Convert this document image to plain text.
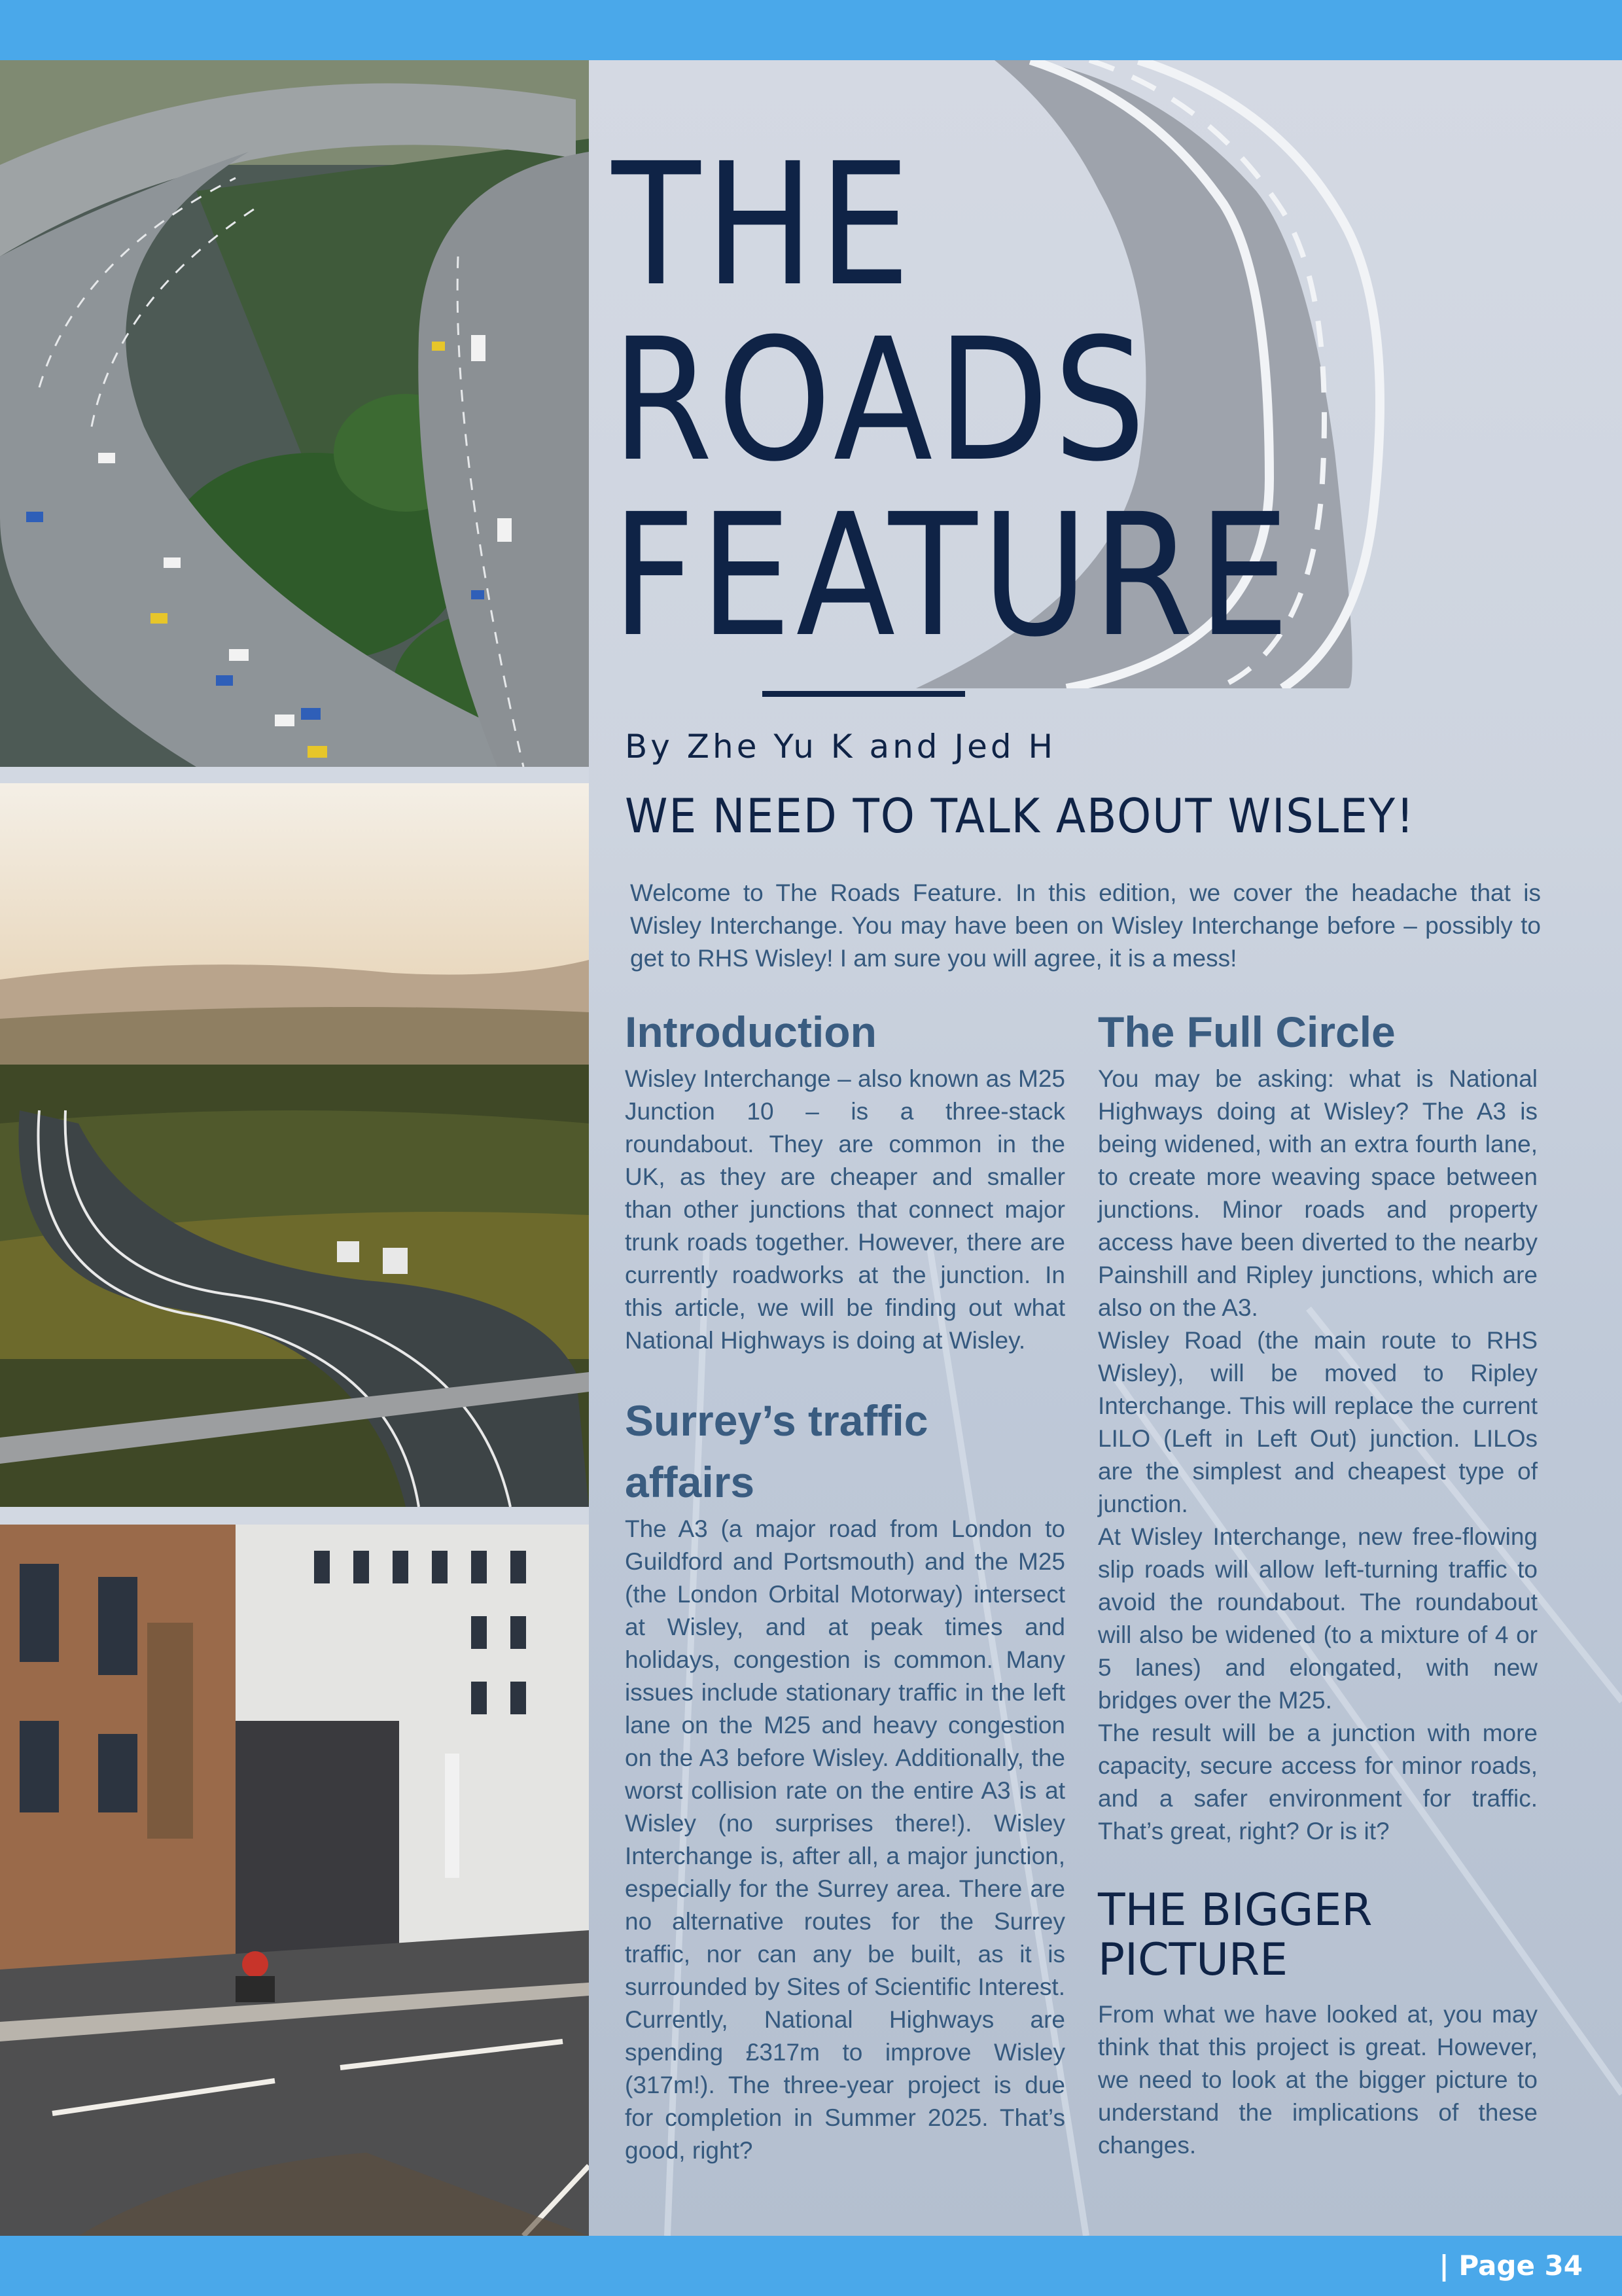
THE
ROADS
FEATURE
By Zhe Yu K and Jed H
WE NEED TO TALK ABOUT WISLEY!
Welcome to The Roads Feature. In this edition, we cover the headache that is Wisley Interchange. You may have been on Wisley Interchange before – possibly to get to RHS Wisley! I am sure you will agree, it is a mess!
Introduction

Wisley Interchange – also known as M25 Junction 10 – is a three-stack roundabout. They are common in the UK, as they are cheaper and smaller than other junctions that connect major trunk roads together. However, there are currently roadworks at the junction. In this article, we will be finding out what National Highways is doing at Wisley.

Surrey’s traffic affairs

The A3 (a major road from London to Guildford and Portsmouth) and the M25 (the London Orbital Motorway) intersect at Wisley, and at peak times and holidays, congestion is common. Many issues include stationary traffic in the left lane on the M25 and heavy congestion on the A3 before Wisley. Additionally, the worst collision rate on the entire A3 is at Wisley (no surprises there!). Wisley Interchange is, after all, a major junction, especially for the Surrey area. There are no alternative routes for the Surrey traffic, nor can any be built, as it is surrounded by Sites of Scientific Interest. Currently, National Highways are spending £317m to improve Wisley (317m!). The three-year project is due for completion in Summer 2025. That’s good, right?

The Full Circle

You may be asking: what is National Highways doing at Wisley? The A3 is being widened, with an extra fourth lane, to create more weaving space between junctions. Minor roads and property access have been diverted to the nearby Painshill and Ripley junctions, which are also on the A3.

Wisley Road (the main route to RHS Wisley), will be moved to Ripley Interchange. This will replace the current LILO (Left in Left Out) junction. LILOs are the simplest and cheapest type of junction.

At Wisley Interchange, new free-flowing slip roads will allow left-turning traffic to avoid the roundabout. The roundabout will also be widened (to a mixture of 4 or 5 lanes) and elongated, with new bridges over the M25.

The result will be a junction with more capacity, secure access for minor roads, and a safer environment for traffic. That’s great, right? Or is it?

THE BIGGER PICTURE

From what we have looked at, you may think that this project is great. However, we need to look at the bigger picture to understand the implications of these changes.

| Page 34
